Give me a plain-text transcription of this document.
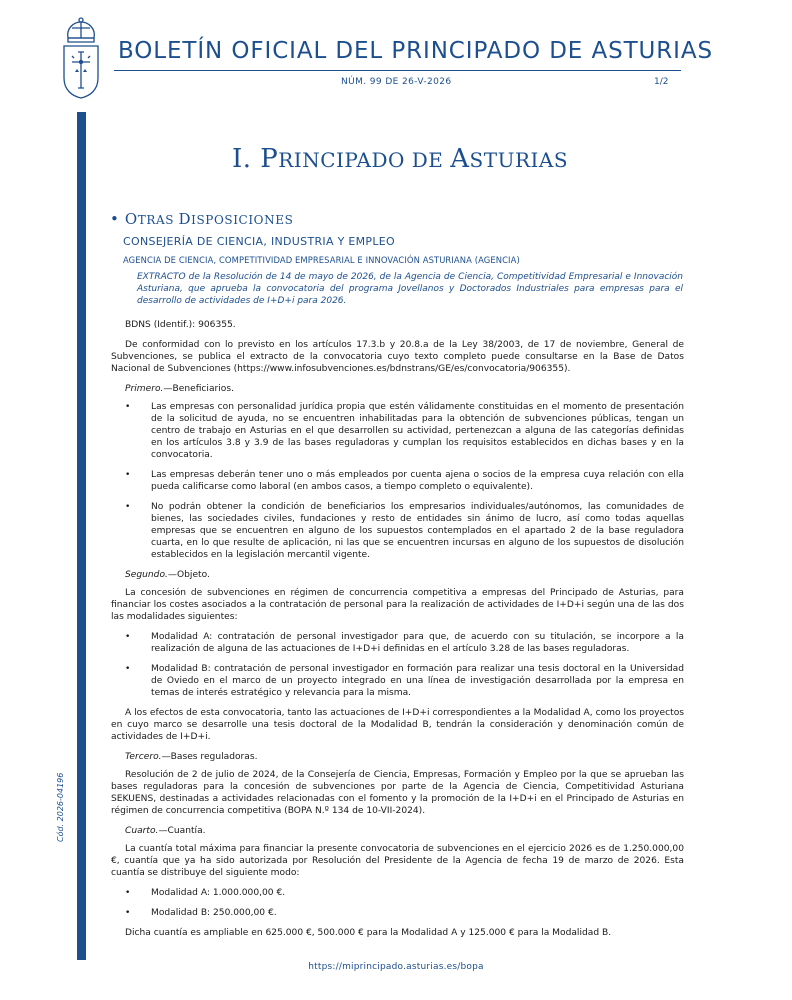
BOLETÍN OFICIAL DEL PRINCIPADO DE ASTURIAS
NÚM. 99 DE 26-V-2026	1/2
Cód. 2026-04196
I. PRINCIPADO DE ASTURIAS
• OTRAS DISPOSICIONES
CONSEJERÍA DE CIENCIA, INDUSTRIA Y EMPLEO
AGENCIA DE CIENCIA, COMPETITIVIDAD EMPRESARIAL E INNOVACIÓN ASTURIANA (AGENCIA)
EXTRACTO de la Resolución de 14 de mayo de 2026, de la Agencia de Ciencia, Competitividad Empresarial e Innovación Asturiana, que aprueba la convocatoria del programa Jovellanos y Doctorados Industriales para empresas para el desarrollo de actividades de I+D+i para 2026.

BDNS (Identif.): 906355.

De conformidad con lo previsto en los artículos 17.3.b y 20.8.a de la Ley 38/2003, de 17 de noviembre, General de Subvenciones, se publica el extracto de la convocatoria cuyo texto completo puede consultarse en la Base de Datos Nacional de Subvenciones (https://www.infosubvenciones.es/bdnstrans/GE/es/convocatoria/906355).

Primero.—Beneficiarios.

• Las empresas con personalidad jurídica propia que estén válidamente constituidas en el momento de presentación de la solicitud de ayuda, no se encuentren inhabilitadas para la obtención de subvenciones públicas, tengan un centro de trabajo en Asturias en el que desarrollen su actividad, pertenezcan a alguna de las categorías definidas en los artículos 3.8 y 3.9 de las bases reguladoras y cumplan los requisitos establecidos en dichas bases y en la convocatoria.
• Las empresas deberán tener uno o más empleados por cuenta ajena o socios de la empresa cuya relación con ella pueda calificarse como laboral (en ambos casos, a tiempo completo o equivalente).
• No podrán obtener la condición de beneficiarios los empresarios individuales/autónomos, las comunidades de bienes, las sociedades civiles, fundaciones y resto de entidades sin ánimo de lucro, así como todas aquellas empresas que se encuentren en alguno de los supuestos contemplados en el apartado 2 de la base reguladora cuarta, en lo que resulte de aplicación, ni las que se encuentren incursas en alguno de los supuestos de disolución establecidos en la legislación mercantil vigente.

Segundo.—Objeto.

La concesión de subvenciones en régimen de concurrencia competitiva a empresas del Principado de Asturias, para financiar los costes asociados a la contratación de personal para la realización de actividades de I+D+i según una de las dos las modalidades siguientes:

• Modalidad A: contratación de personal investigador para que, de acuerdo con su titulación, se incorpore a la realización de alguna de las actuaciones de I+D+i definidas en el artículo 3.28 de las bases reguladoras.
• Modalidad B: contratación de personal investigador en formación para realizar una tesis doctoral en la Universidad de Oviedo en el marco de un proyecto integrado en una línea de investigación desarrollada por la empresa en temas de interés estratégico y relevancia para la misma.

A los efectos de esta convocatoria, tanto las actuaciones de I+D+i correspondientes a la Modalidad A, como los proyectos en cuyo marco se desarrolle una tesis doctoral de la Modalidad B, tendrán la consideración y denominación común de actividades de I+D+i.

Tercero.—Bases reguladoras.

Resolución de 2 de julio de 2024, de la Consejería de Ciencia, Empresas, Formación y Empleo por la que se aprueban las bases reguladoras para la concesión de subvenciones por parte de la Agencia de Ciencia, Competitividad Asturiana SEKUENS, destinadas a actividades relacionadas con el fomento y la promoción de la I+D+i en el Principado de Asturias en régimen de concurrencia competitiva (BOPA N.º 134 de 10-VII-2024).

Cuarto.—Cuantía.

La cuantía total máxima para financiar la presente convocatoria de subvenciones en el ejercicio 2026 es de 1.250.000,00 €, cuantía que ya ha sido autorizada por Resolución del Presidente de la Agencia de fecha 19 de marzo de 2026. Esta cuantía se distribuye del siguiente modo:

• Modalidad A: 1.000.000,00 €.
• Modalidad B: 250.000,00 €.

Dicha cuantía es ampliable en 625.000 €, 500.000 € para la Modalidad A y 125.000 € para la Modalidad B.

https://miprincipado.asturias.es/bopa
